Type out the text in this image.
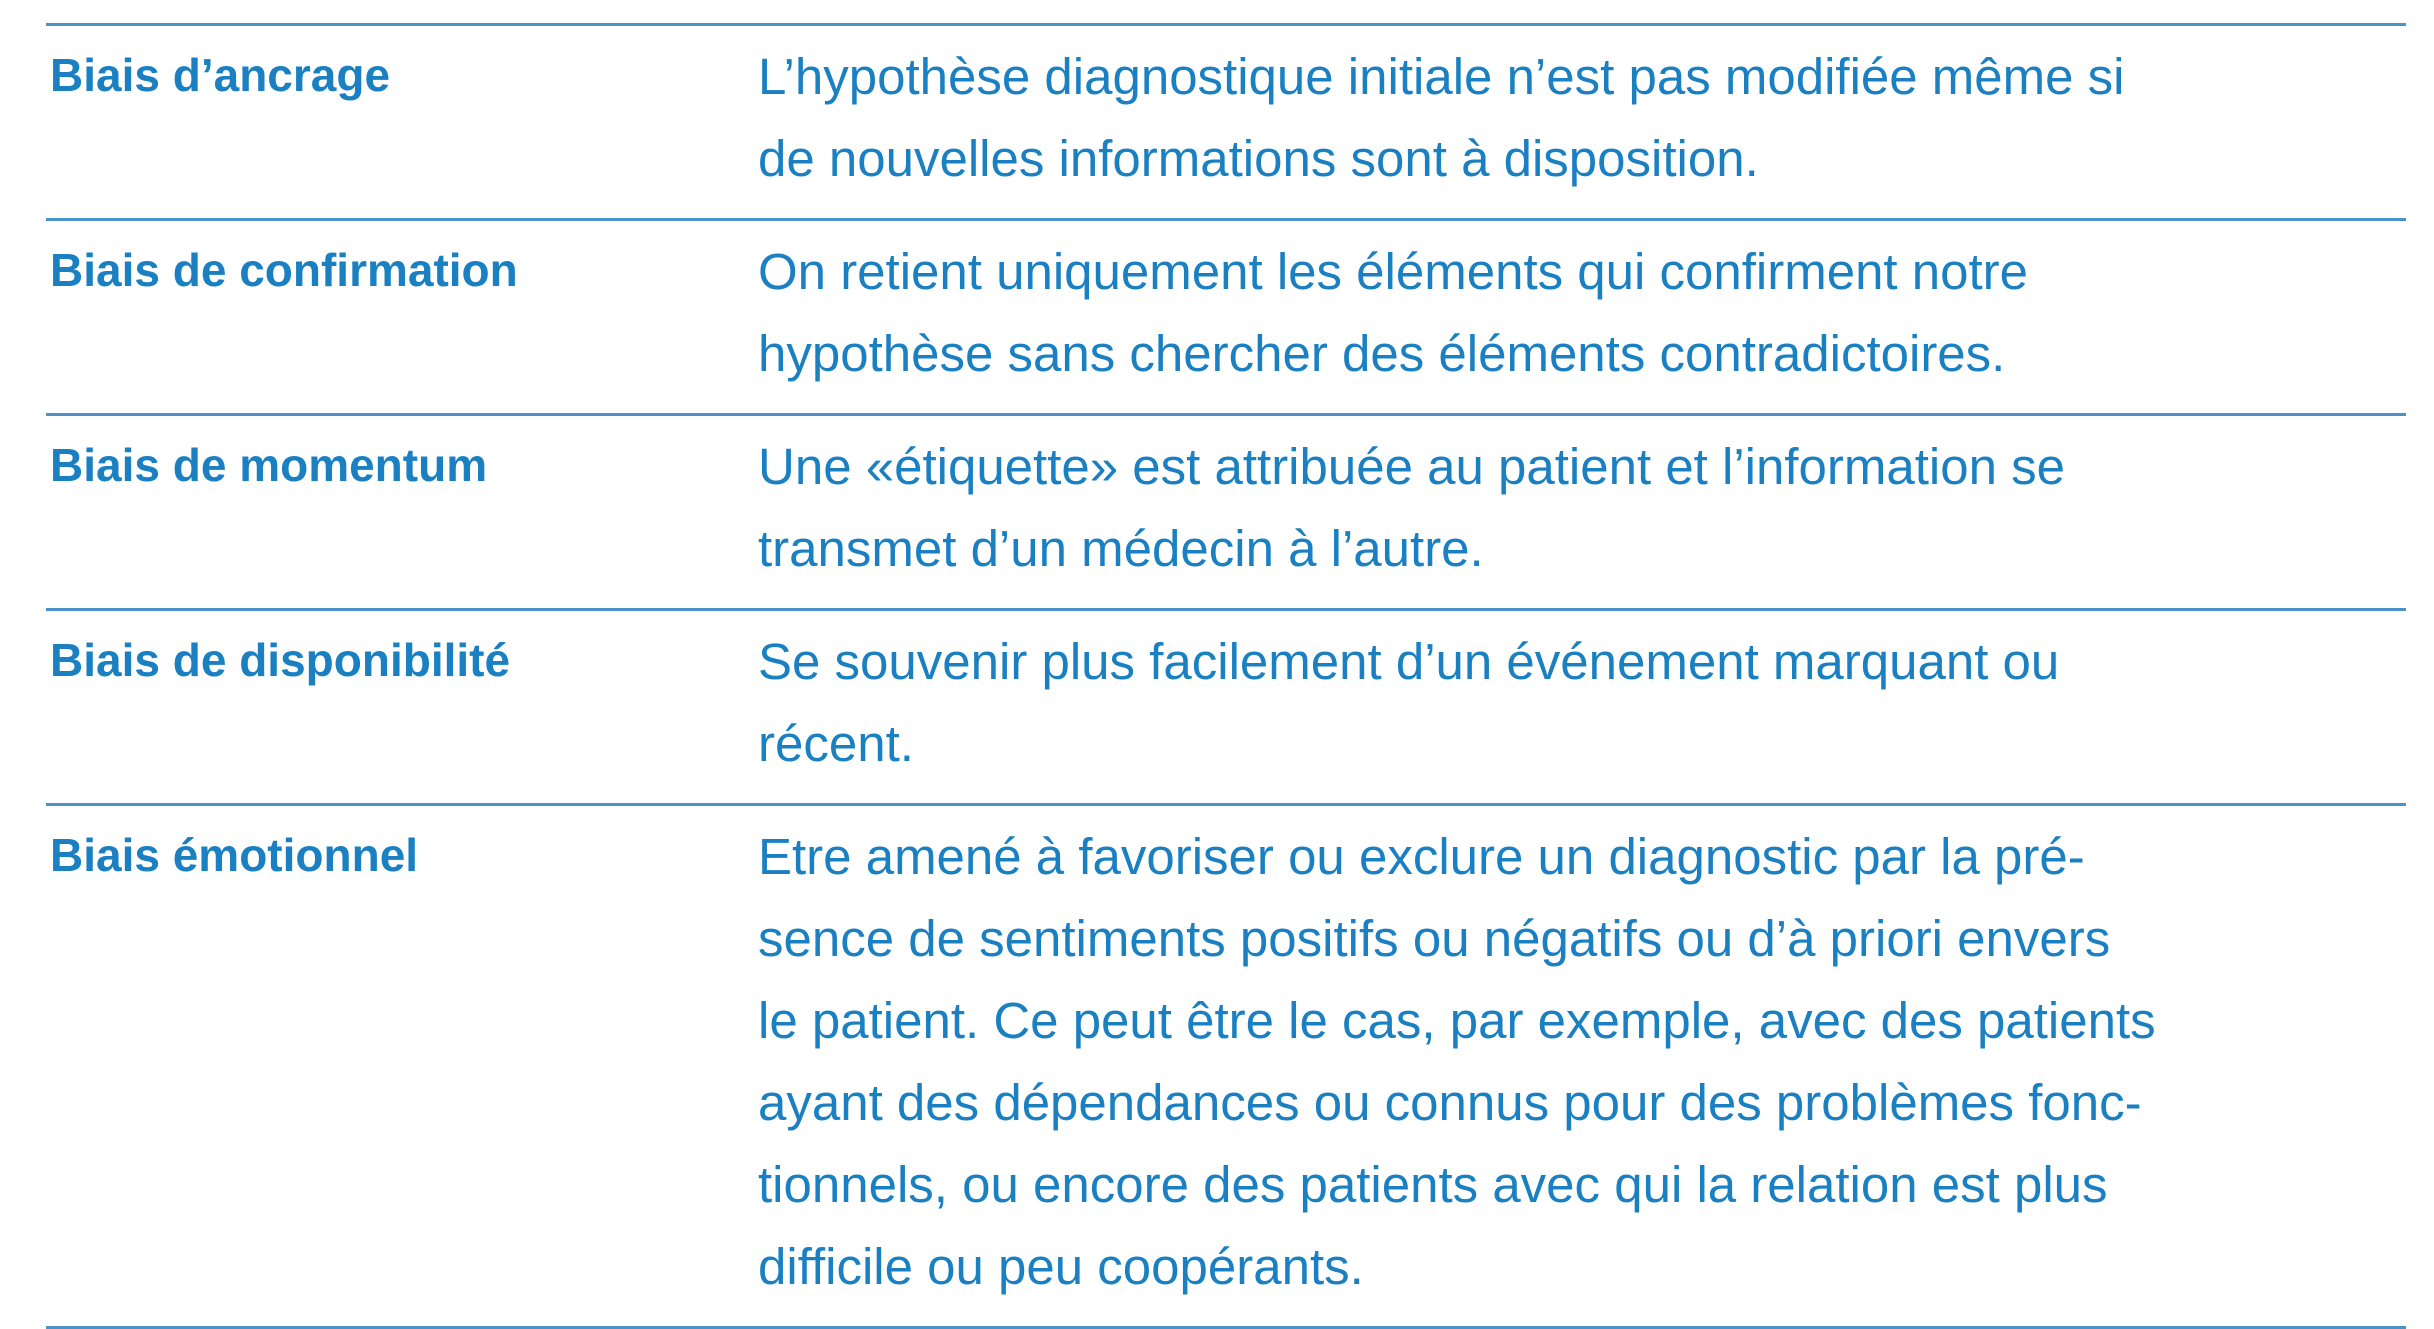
Biais d’ancrage	L’hypothèse diagnostique initiale n’est pas modifiée même si
de nouvelles informations sont à disposition.
Biais de confirmation	On retient uniquement les éléments qui confirment notre
hypothèse sans chercher des éléments contradictoires.
Biais de momentum	Une «étiquette» est attribuée au patient et l’information se
transmet d’un médecin à l’autre.
Biais de disponibilité	Se souvenir plus facilement d’un événement marquant ou
récent.
Biais émotionnel	Etre amené à favoriser ou exclure un diagnostic par la pré-
sence de sentiments positifs ou négatifs ou d’à priori envers
le patient. Ce peut être le cas, par exemple, avec des patients
ayant des dépendances ou connus pour des problèmes fonc-
tionnels, ou encore des patients avec qui la relation est plus
difficile ou peu coopérants.
